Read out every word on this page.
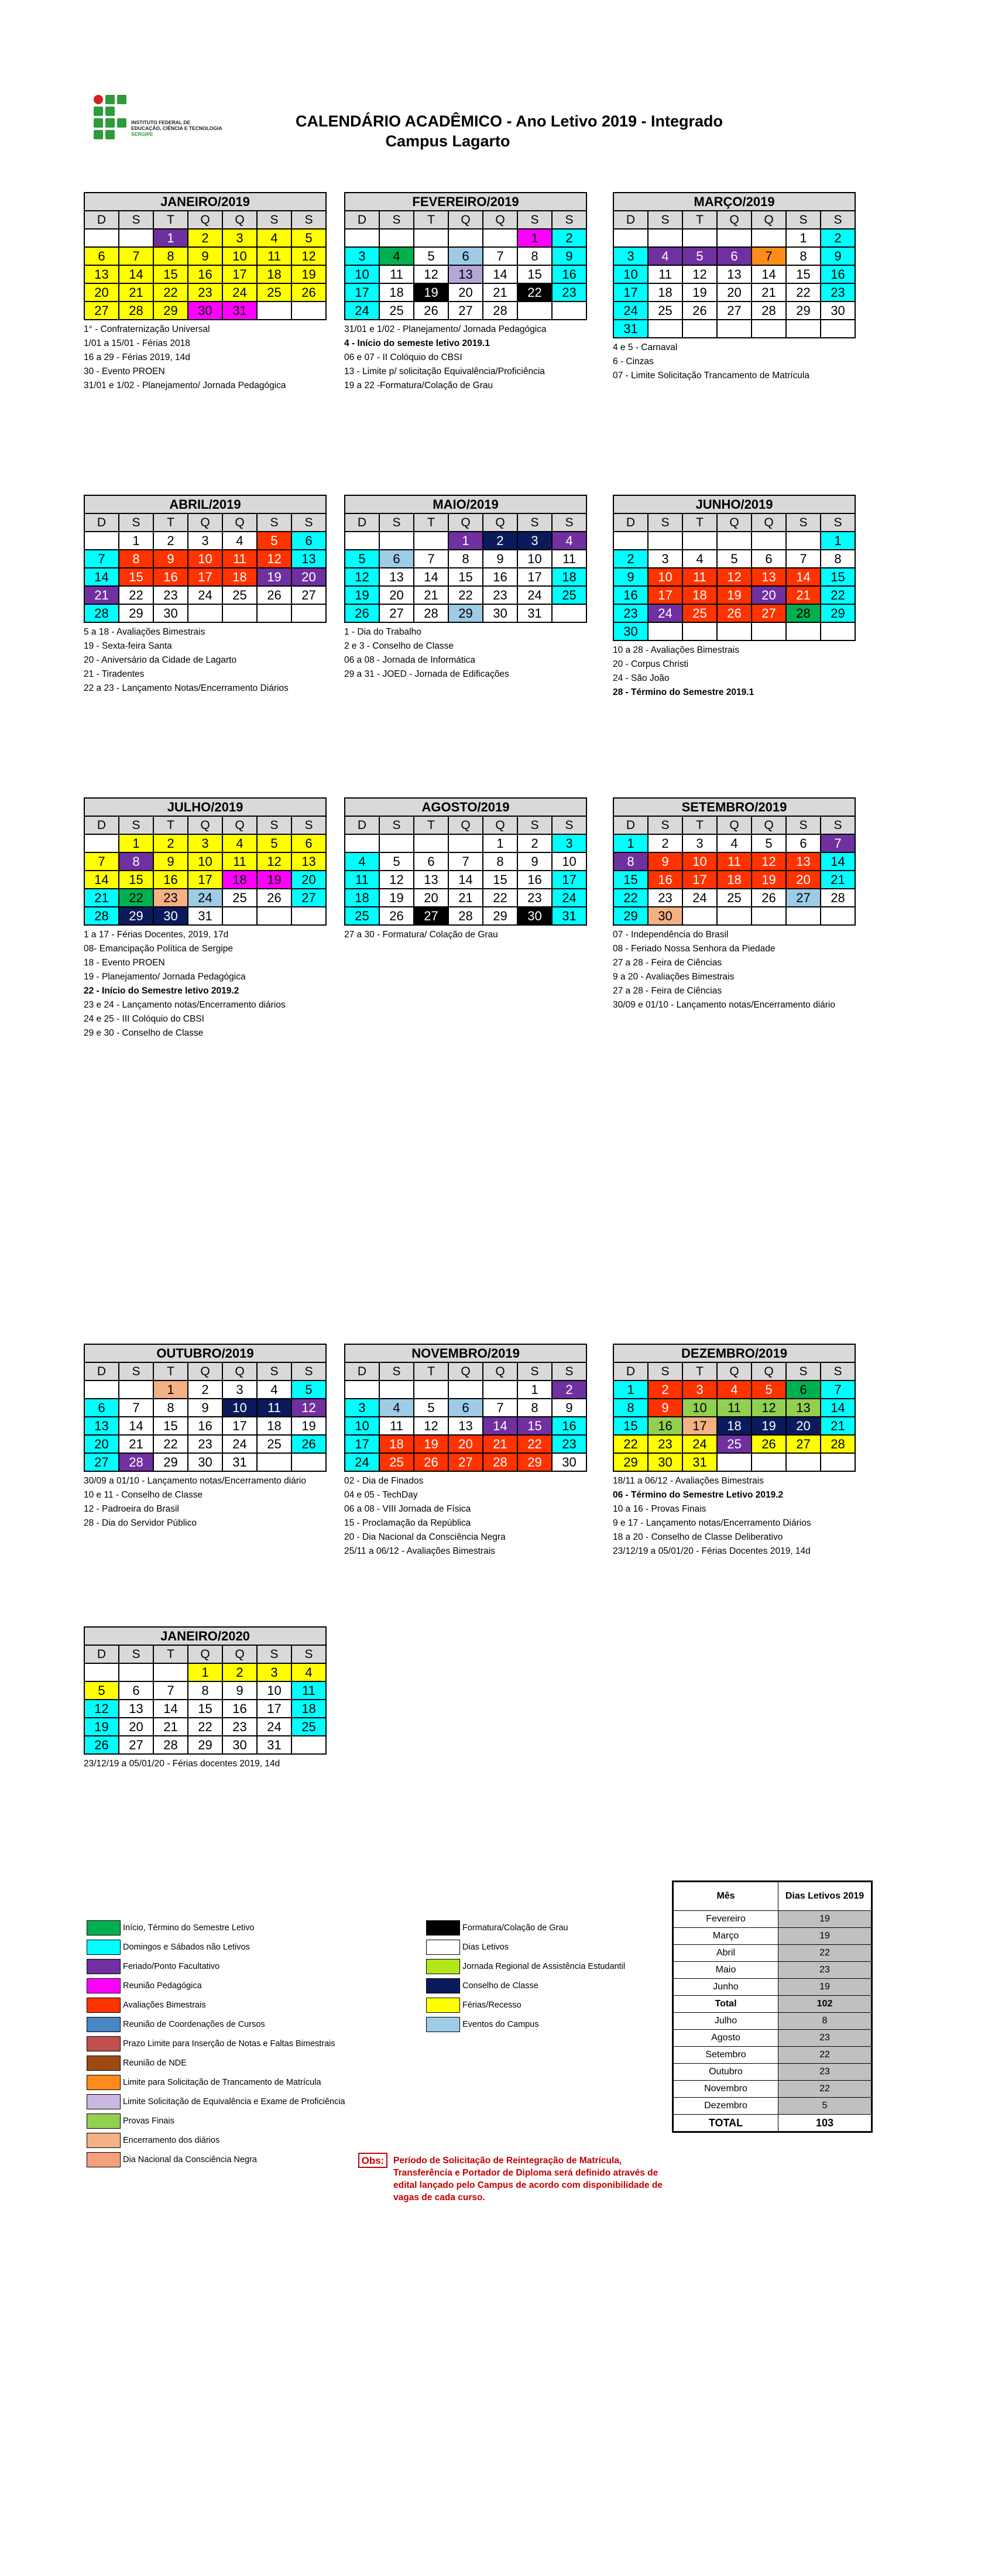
INSTITUTO FEDERAL DE
EDUCAÇÃO, CIÊNCIA E TECNOLOGIA
SERGIPE
CALENDÁRIO ACADÊMICO - Ano Letivo 2019 - Integrado
Campus Lagarto
JANEIRO/2019						
D	S	T	Q	Q	S	S
		1	2	3	4	5
6	7	8	9	10	11	12
13	14	15	16	17	18	19
20	21	22	23	24	25	26
27	28	29	30	31		
1° - Confraternização Universal
1/01 a 15/01 - Férias 2018
16 a 29 - Férias 2019, 14d
30 - Evento PROEN
31/01 e 1/02 - Planejamento/ Jornada Pedagógica
FEVEREIRO/2019						
D	S	T	Q	Q	S	S
					1	2
3	4	5	6	7	8	9
10	11	12	13	14	15	16
17	18	19	20	21	22	23
24	25	26	27	28		
31/01 e 1/02 - Planejamento/ Jornada Pedagógica
4 - Início do semeste letivo 2019.1
06 e 07 - II Colóquio do CBSI
13 - Limite p/ solicitação Equivalência/Proficiência
19 a 22 -Formatura/Colação de Grau
MARÇO/2019						
D	S	T	Q	Q	S	S
					1	2
3	4	5	6	7	8	9
10	11	12	13	14	15	16
17	18	19	20	21	22	23
24	25	26	27	28	29	30
31						
4 e 5 - Carnaval
6 - Cinzas
07 - Limite Solicitação Trancamento de Matrícula
ABRIL/2019						
D	S	T	Q	Q	S	S
	1	2	3	4	5	6
7	8	9	10	11	12	13
14	15	16	17	18	19	20
21	22	23	24	25	26	27
28	29	30				
5 a 18 - Avaliações Bimestrais
19 - Sexta-feira Santa
20 - Aniversário da Cidade de Lagarto
21 - Tiradentes
22 a 23 - Lançamento Notas/Encerramento Diários
MAIO/2019						
D	S	T	Q	Q	S	S
			1	2	3	4
5	6	7	8	9	10	11
12	13	14	15	16	17	18
19	20	21	22	23	24	25
26	27	28	29	30	31	
1 - Dia do Trabalho
2 e 3 - Conselho de Classe
06 a 08 - Jornada de Informática
29 a 31 - JOED - Jornada de Edificações
JUNHO/2019						
D	S	T	Q	Q	S	S
						1
2	3	4	5	6	7	8
9	10	11	12	13	14	15
16	17	18	19	20	21	22
23	24	25	26	27	28	29
30						
10 a 28 - Avaliações Bimestrais
20 - Corpus Christi
24 - São João
28 - Término do Semestre 2019.1
JULHO/2019						
D	S	T	Q	Q	S	S
	1	2	3	4	5	6
7	8	9	10	11	12	13
14	15	16	17	18	19	20
21	22	23	24	25	26	27
28	29	30	31			
1 a 17 - Férias Docentes, 2019, 17d
08- Emancipação Política de Sergipe
18 - Evento PROEN
19 - Planejamento/ Jornada Pedagógica
22 - Início do Semestre letivo 2019.2
23 e 24 - Lançamento notas/Encerramento diários
24 e 25 - III Colóquio do CBSI
29 e 30 - Conselho de Classe
AGOSTO/2019						
D	S	T	Q	Q	S	S
				1	2	3
4	5	6	7	8	9	10
11	12	13	14	15	16	17
18	19	20	21	22	23	24
25	26	27	28	29	30	31
27 a 30 - Formatura/ Colação de Grau
SETEMBRO/2019						
D	S	T	Q	Q	S	S
1	2	3	4	5	6	7
8	9	10	11	12	13	14
15	16	17	18	19	20	21
22	23	24	25	26	27	28
29	30					
07 - Independência do Brasil
08 - Feriado Nossa Senhora da Piedade
27 a 28 - Feira de Ciências
9 a 20 - Avaliações Bimestrais
27 a 28 - Feira de Ciências
30/09 e 01/10 - Lançamento notas/Encerramento diário
OUTUBRO/2019						
D	S	T	Q	Q	S	S
		1	2	3	4	5
6	7	8	9	10	11	12
13	14	15	16	17	18	19
20	21	22	23	24	25	26
27	28	29	30	31		
30/09 a 01/10 - Lançamento notas/Encerramento diário
10 e 11 - Conselho de Classe
12 - Padroeira do Brasil
28 - Dia do Servidor Público
NOVEMBRO/2019						
D	S	T	Q	Q	S	S
					1	2
3	4	5	6	7	8	9
10	11	12	13	14	15	16
17	18	19	20	21	22	23
24	25	26	27	28	29	30
02 - Dia de Finados
04 e 05 - TechDay
06 a 08 - VIII Jornada de Física
15 - Proclamação da República
20 - Dia Nacional da Consciência Negra
25/11 a 06/12 - Avaliações Bimestrais
DEZEMBRO/2019						
D	S	T	Q	Q	S	S
1	2	3	4	5	6	7
8	9	10	11	12	13	14
15	16	17	18	19	20	21
22	23	24	25	26	27	28
29	30	31				
18/11 a 06/12 - Avaliações Bimestrais
06 - Término do Semestre Letivo 2019.2
10 a 16 - Provas Finais
9 e 17 - Lançamento notas/Encerramento Diários
18 a 20 - Conselho de Classe Deliberativo
23/12/19 a 05/01/20 - Férias Docentes 2019, 14d
JANEIRO/2020						
D	S	T	Q	Q	S	S
			1	2	3	4
5	6	7	8	9	10	11
12	13	14	15	16	17	18
19	20	21	22	23	24	25
26	27	28	29	30	31	
23/12/19 a 05/01/20 - Férias docentes 2019, 14d
Início, Término do Semestre Letivo
Domingos e Sábados não Letivos
Feriado/Ponto Facultativo
Reunião Pedagógica
Avaliações Bimestrais
Reunião de Coordenações de Cursos
Prazo Limite para Inserção de Notas e Faltas Bimestrais
Reunião de NDE
Limite para Solicitação de Trancamento de Matrícula
Limite Solicitação de Equivalência e Exame de Proficiência
Provas Finais
Encerramento dos diários
Dia Nacional da Consciência Negra
Formatura/Colação de Grau
Dias Letivos
Jornada Regional de Assistência Estudantil
Conselho de Classe
Férias/Recesso
Eventos do Campus
Obs:	Período de Solicitação de Reintegração de Matrícula, Transferência e Portador de Diploma será definido através de edital lançado pelo Campus de acordo com disponibilidade de vagas de cada curso.
Mês	Dias Letivos 2019
Fevereiro	19
Março	19
Abril	22
Maio	23
Junho	19
Total	102
Julho	8
Agosto	23
Setembro	22
Outubro	23
Novembro	22
Dezembro	5
TOTAL	103
